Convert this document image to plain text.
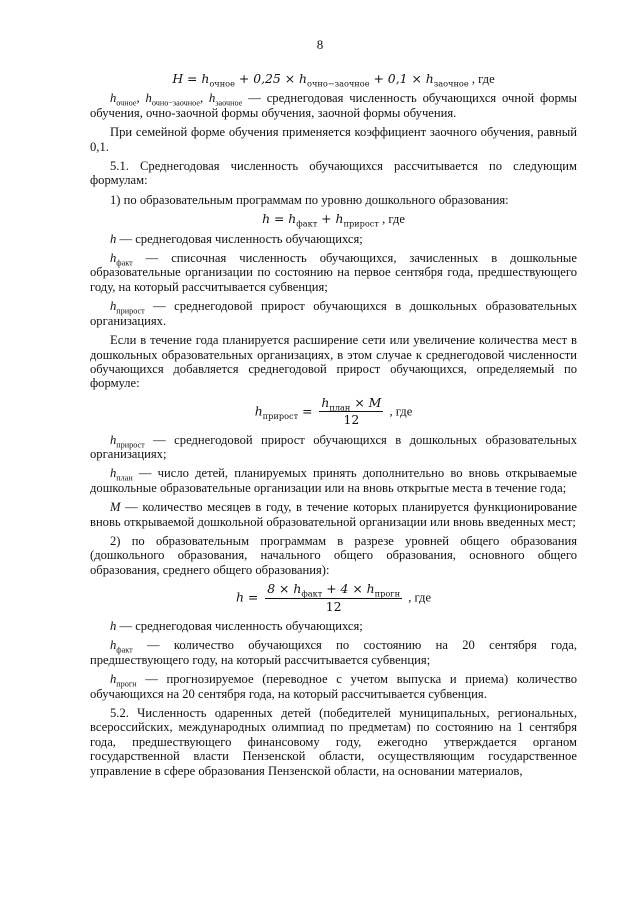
8
$H = h_{очное} + 0,25 \times h_{очно-заочное} + 0,1 \times h_{заочное}$ , где

$h_{очное}$, $h_{очно-заочное}$, $h_{заочное}$ — среднегодовая численность обучающихся очной формы обучения, очно-заочной формы обучения, заочной формы обучения.

При семейной форме обучения применяется коэффициент заочного обучения, равный 0,1.

5.1. Среднегодовая численность обучающихся рассчитывается по следующим формулам:

1) по образовательным программам по уровню дошкольного образования:

$h = h_{факт} + h_{прирост}$ , где

h — среднегодовая численность обучающихся;

$h_{факт}$ — списочная численность обучающихся, зачисленных в дошкольные образовательные организации по состоянию на первое сентября года, предшествующего году, на который рассчитывается субвенция;

$h_{прирост}$ — среднегодовой прирост обучающихся в дошкольных образовательных организациях.

Если в течение года планируется расширение сети или увеличение количества мест в дошкольных образовательных организациях, в этом случае к среднегодовой численности обучающихся добавляется среднегодовой прирост обучающихся, определяемый по формуле:

$h_{прирост} = \frac{h_{план} \times M}{12}$ , где

$h_{прирост}$ — среднегодовой прирост обучающихся в дошкольных образовательных организациях;

$h_{план}$ — число детей, планируемых принять дополнительно во вновь открываемые дошкольные образовательные организации или на вновь открытые места в течение года;

M — количество месяцев в году, в течение которых планируется функционирование вновь открываемой дошкольной образовательной организации или вновь введенных мест;

2) по образовательным программам в разрезе уровней общего образования (дошкольного образования, начального общего образования, основного общего образования, среднего общего образования):

$h = \frac{8 \times h_{факт} + 4 \times h_{прогн}}{12}$ , где

h — среднегодовая численность обучающихся;

$h_{факт}$ — количество обучающихся по состоянию на 20 сентября года, предшествующего году, на который рассчитывается субвенция;

$h_{прогн}$ — прогнозируемое (переводное с учетом выпуска и приема) количество обучающихся на 20 сентября года, на который рассчитывается субвенция.

5.2. Численность одаренных детей (победителей муниципальных, региональных, всероссийских, международных олимпиад по предметам) по состоянию на 1 сентября года, предшествующего финансовому году, ежегодно утверждается органом государственной власти Пензенской области, осуществляющим государственное управление в сфере образования Пензенской области, на основании материалов,
